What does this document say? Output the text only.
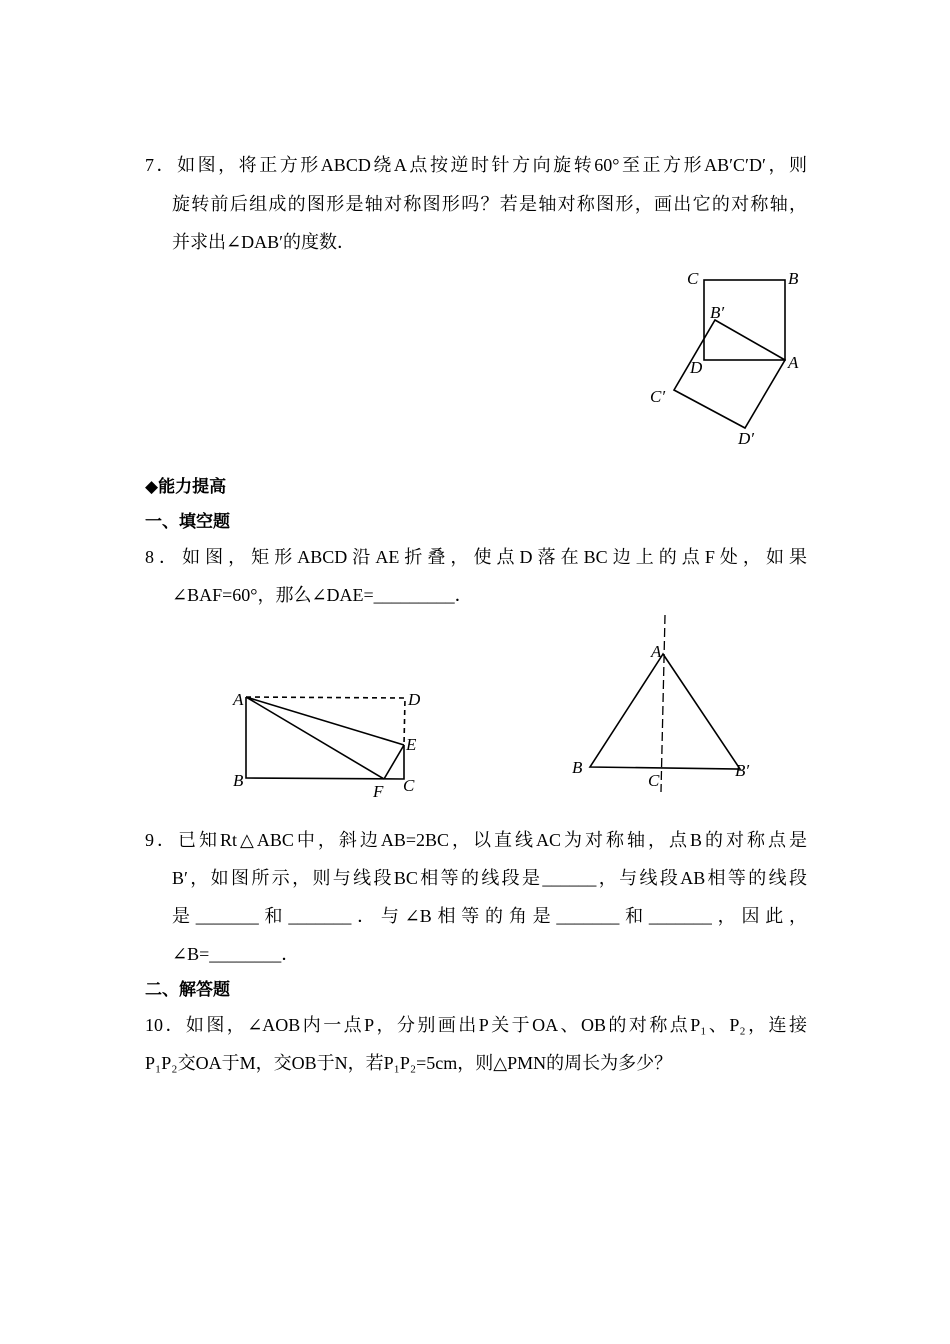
7．如图，将正方形ABCD绕A点按逆时针方向旋转60°至正方形AB′C′D′，则
旋转前后组成的图形是轴对称图形吗？若是轴对称图形，画出它的对称轴，
并求出∠DAB′的度数．
C	B
B′
D	A
C′
D′
A	D
E
B
F C
A
B
C
B′
◆能力提高
一、填空题
8．如图，矩形ABCD沿AE折叠，使点D落在BC边上的点F处，如果
∠BAF=60°，那么∠DAE=_________．
9．已知Rt△ABC中，斜边AB=2BC，以直线AC为对称轴，点B的对称点是
B′，如图所示，则与线段BC相等的线段是______，与线段AB相等的线段
是_______和_______．与∠B相等的角是_______和_______，因此，
∠B=________．
二、解答题
10．如图，∠AOB内一点P，分别画出P关于OA、OB的对称点P₁、P₂，连接
P₁P₂交OA于M，交OB于N，若P₁P₂=5cm，则△PMN的周长为多少？
